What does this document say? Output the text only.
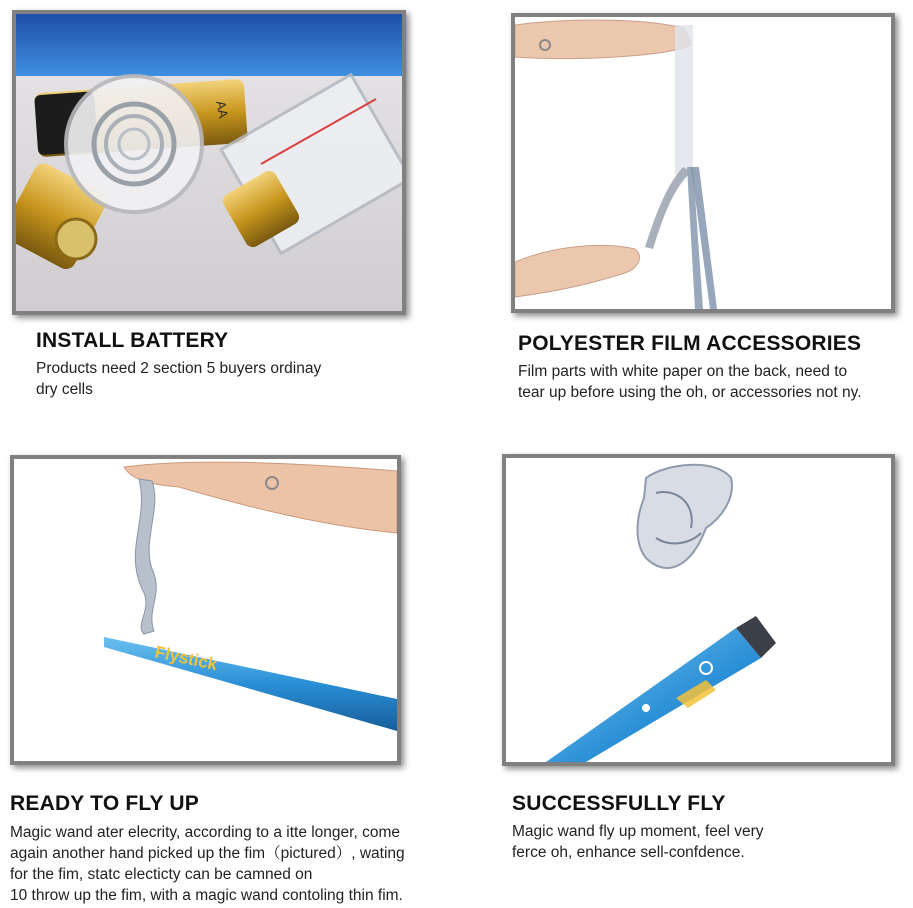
AA
INSTALL BATTERY
Products need 2 section 5 buyers ordinay
dry cells
POLYESTER FILM ACCESSORIES
Film parts with white paper on the back, need to
tear up before using the oh, or accessories not ny.
Flystick
READY TO FLY UP
Magic wand ater elecrity, according to a itte longer, come
again another hand picked up the fim（pictured）, wating
for the fim, statc electicty can be camned on
10 throw up the fim, with a magic wand contoling thin fim.
SUCCESSFULLY FLY
Magic wand fly up moment, feel very
ferce oh, enhance sell-confdence.
